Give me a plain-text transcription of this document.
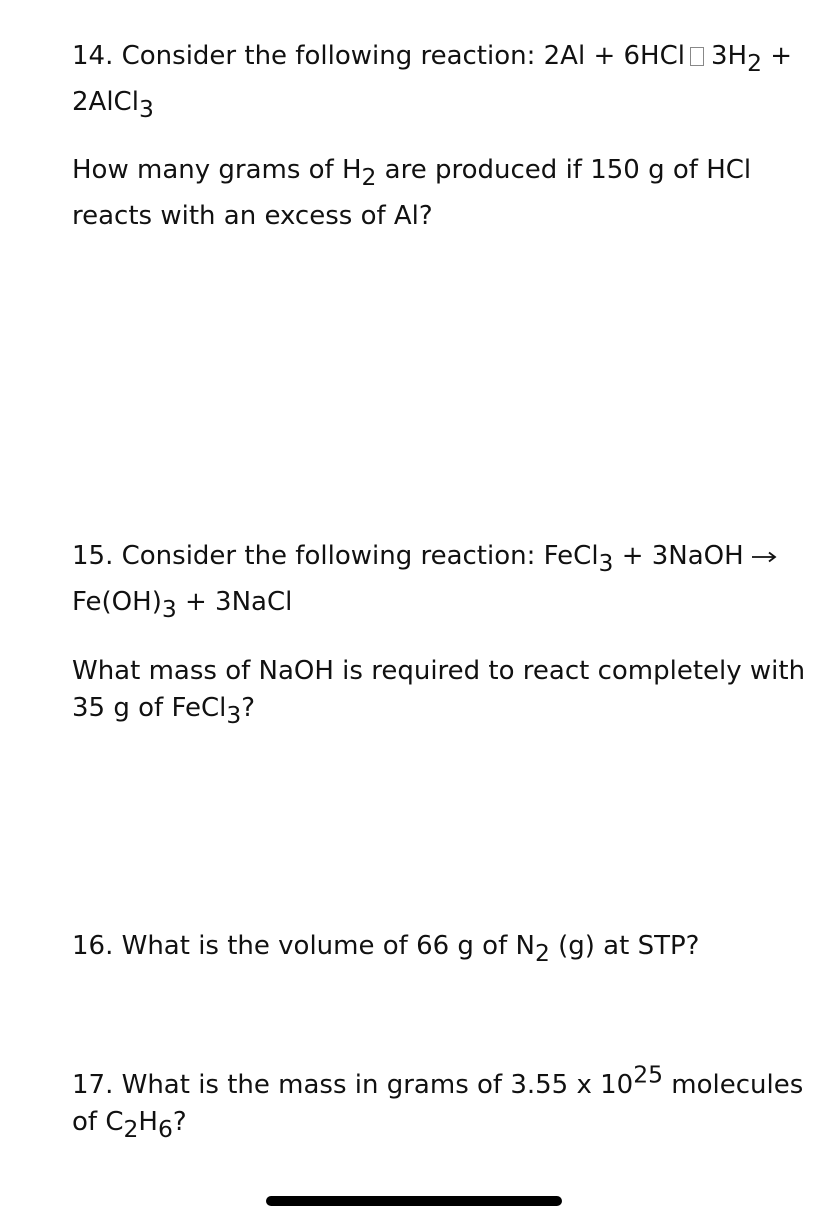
14. Consider the following reaction: 2Al + 6HCl $3H_2$ +
2AlCl$_3$
How many grams of $H_2$ are produced if 150 g of HCl
reacts with an excess of Al?
15. Consider the following reaction: FeCl$_3$ + 3NaOH
$Fe(OH)_3$ + 3NaCl
What mass of NaOH is required to react completely with
35 g of FeCl$_3$?
16. What is the volume of 66 g of $N_2$ (g) at STP?
17. What is the mass in grams of 3.55 x $10^{25}$ molecules
of $C_2H_6$?
